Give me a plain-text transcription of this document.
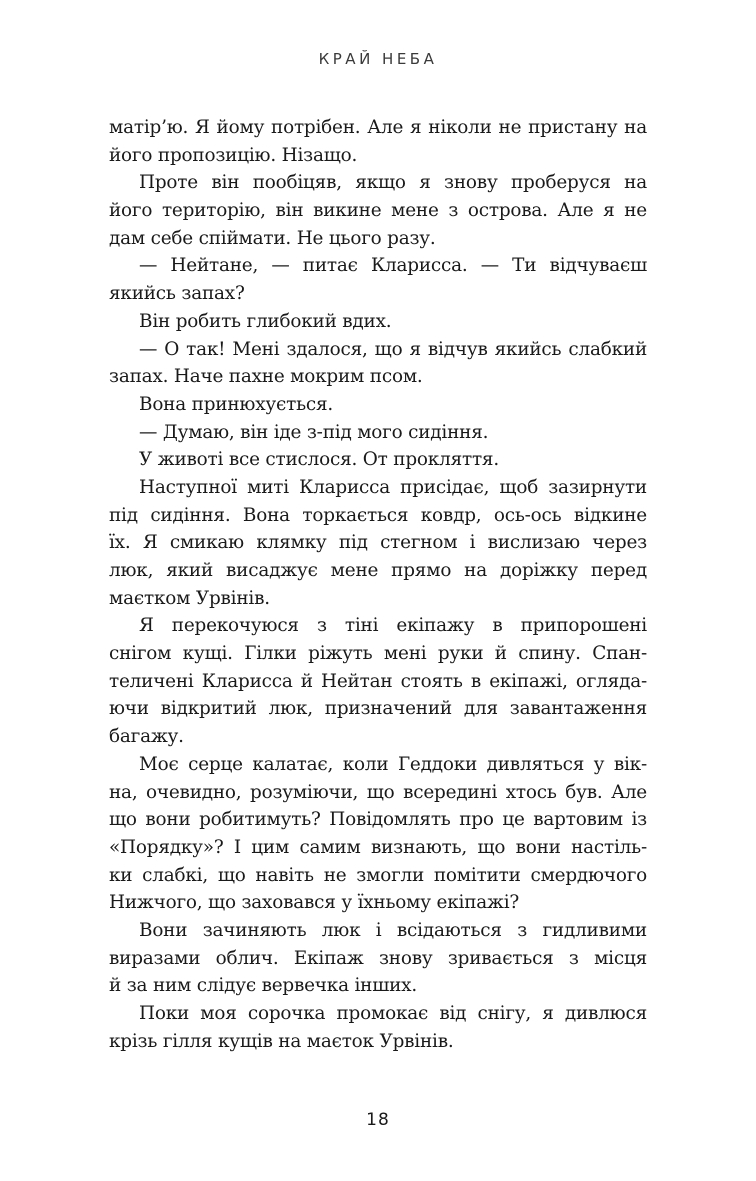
КРАЙ НЕБА
матір’ю. Я йому потрібен. Але я ніколи не пристану на
його пропозицію. Нізащо.
Проте він пообіцяв, якщо я знову проберуся на
його територію, він викине мене з острова. Але я не
дам себе спіймати. Не цього разу.
— Нейтане, — питає Кларисса. — Ти відчуваєш
якийсь запах?
Він робить глибокий вдих.
— О так! Мені здалося, що я відчув якийсь слабкий
запах. Наче пахне мокрим псом.
Вона принюхується.
— Думаю, він іде з-під мого сидіння.
У животі все стислося. От прокляття.
Наступної миті Кларисса присідає, щоб зазирнути
під сидіння. Вона торкається ковдр, ось-ось відкине
їх. Я смикаю клямку під стегном і вислизаю через
люк, який висаджує мене прямо на доріжку перед
маєтком Урвінів.
Я перекочуюся з тіні екіпажу в припорошені
снігом кущі. Гілки ріжуть мені руки й спину. Спан-
теличені Кларисса й Нейтан стоять в екіпажі, огляда-
ючи відкритий люк, призначений для завантаження
багажу.
Моє серце калатає, коли Геддоки дивляться у вік-
на, очевидно, розуміючи, що всередині хтось був. Але
що вони робитимуть? Повідомлять про це вартовим із
«Порядку»? І цим самим визнають, що вони настіль-
ки слабкі, що навіть не змогли помітити смердючого
Нижчого, що заховався у їхньому екіпажі?
Вони зачиняють люк і всідаються з гидливими
виразами облич. Екіпаж знову зривається з місця
й за ним слідує вервечка інших.
Поки моя сорочка промокає від снігу, я дивлюся
крізь гілля кущів на маєток Урвінів.
18
